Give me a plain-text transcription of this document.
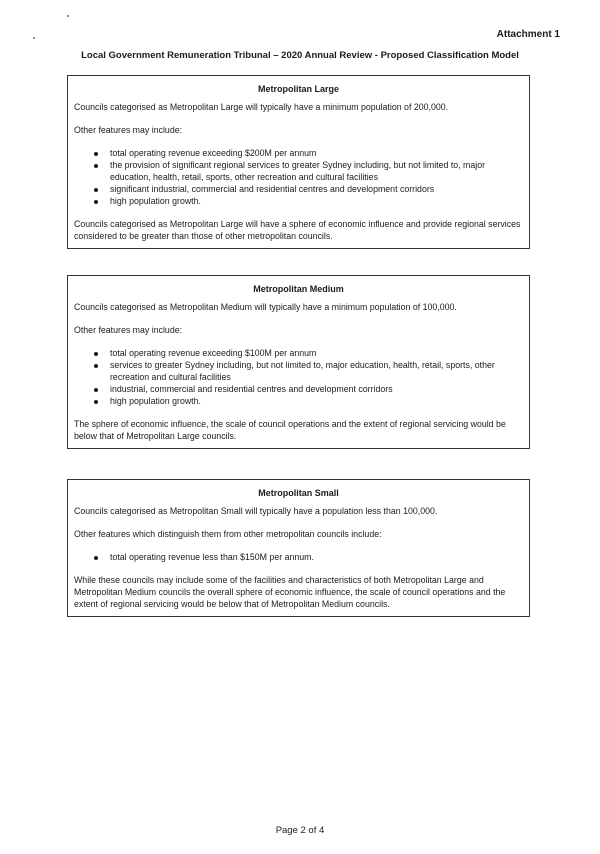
Attachment 1
Local Government Remuneration Tribunal – 2020 Annual Review - Proposed Classification Model
Metropolitan Large

Councils categorised as Metropolitan Large will typically have a minimum population of 200,000.

Other features may include:

total operating revenue exceeding $200M per annum
the provision of significant regional services to greater Sydney including, but not limited to, major education, health, retail, sports, other recreation and cultural facilities
significant industrial, commercial and residential centres and development corridors
high population growth.

Councils categorised as Metropolitan Large will have a sphere of economic influence and provide regional services considered to be greater than those of other metropolitan councils.

Metropolitan Medium

Councils categorised as Metropolitan Medium will typically have a minimum population of 100,000.

Other features may include:

total operating revenue exceeding $100M per annum
services to greater Sydney including, but not limited to, major education, health, retail, sports, other recreation and cultural facilities
industrial, commercial and residential centres and development corridors
high population growth.

The sphere of economic influence, the scale of council operations and the extent of regional servicing would be below that of Metropolitan Large councils.

Metropolitan Small

Councils categorised as Metropolitan Small will typically have a population less than 100,000.

Other features which distinguish them from other metropolitan councils include:

total operating revenue less than $150M per annum.

While these councils may include some of the facilities and characteristics of both Metropolitan Large and Metropolitan Medium councils the overall sphere of economic influence, the scale of council operations and the extent of regional servicing would be below that of Metropolitan Medium councils.

Page 2 of 4
